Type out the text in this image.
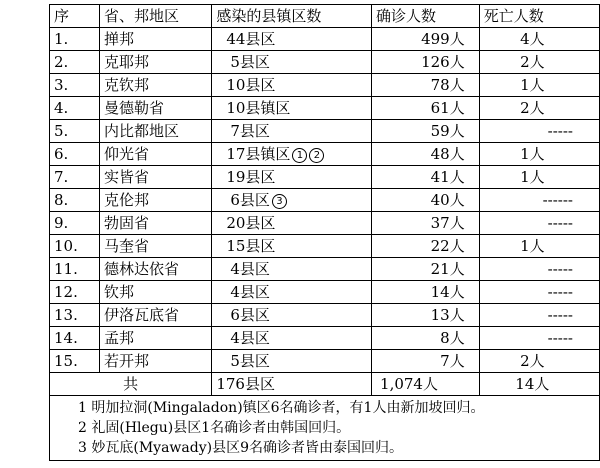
序	省、邦地区	感染的县镇区数	确诊人数	死亡人数
1.	掸邦	44县区	499人	4人
2.	克耶邦	5县区	126人	2人
3.	克钦邦	10县区	78人	1人
4.	曼德勒省	10县镇区	61人	2人
5.	内比都地区	7县区	59人	-----
6.	仰光省	17县镇区 1 2	48人	1人
7.	实皆省	19县区	41人	1人
8.	克伦邦	6县区 3	40人	------
9.	勃固省	20县区	37人	-----
10.	马奎省	15县区	22人	1人
11.	德林达依省	4县区	21人	-----
12.	钦邦	4县区	14人	-----
13.	伊洛瓦底省	6县区	13人	-----
14.	孟邦	4县区	8人	-----
15.	若开邦	5县区	7人	2人
共		176县区	1,074人	14人

1 明加拉洞(Mingaladon)镇区6名确诊者，有1人由新加坡回归。
2 礼固(Hlegu)县区1名确诊者由韩国回归。
3 妙瓦底(Myawady)县区9名确诊者皆由泰国回归。				
